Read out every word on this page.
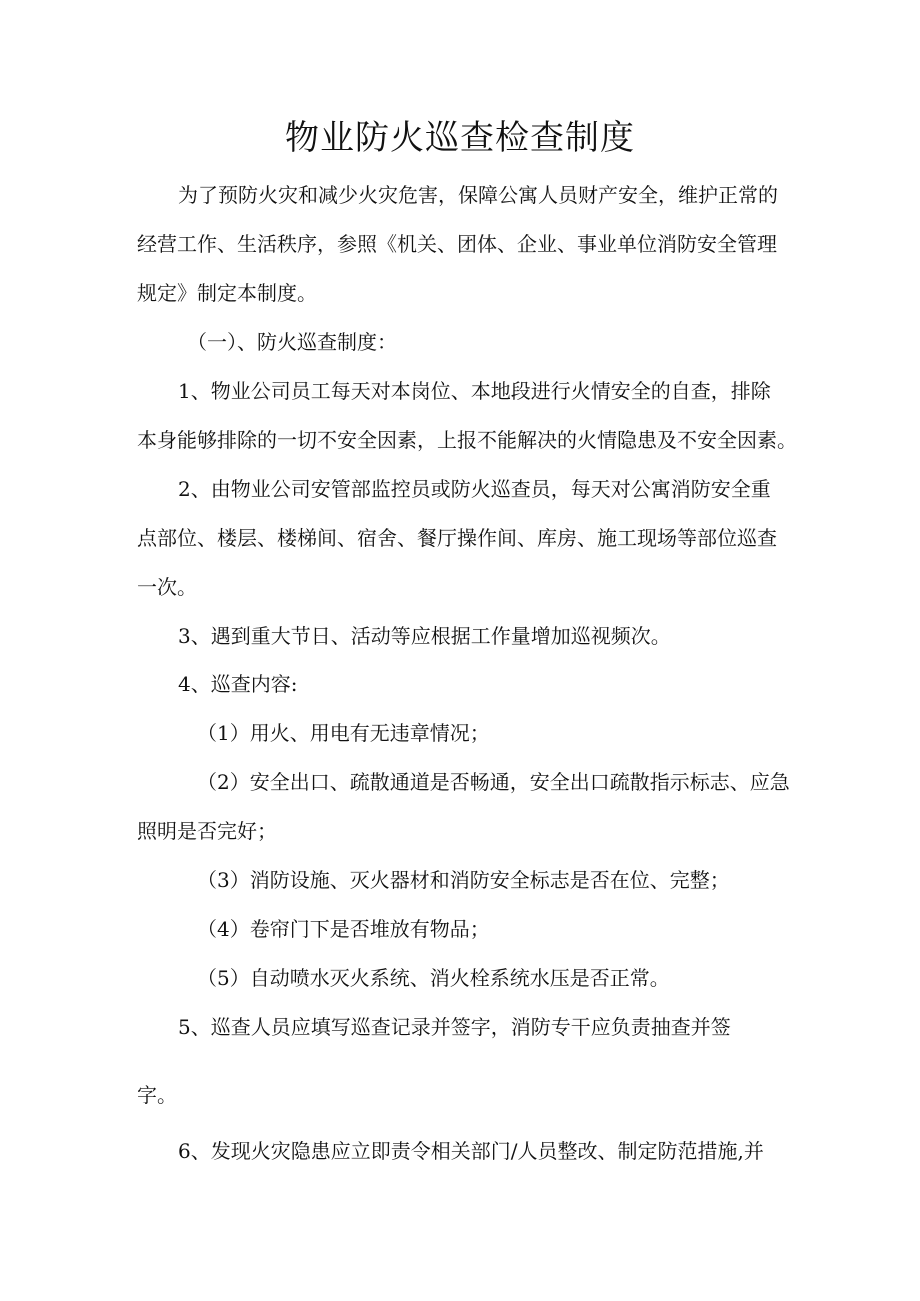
物业防火巡查检查制度
为了预防火灾和减少火灾危害，保障公寓人员财产安全，维护正常的
经营工作、生活秩序，参照《机关、团体、企业、事业单位消防安全管理
规定》制定本制度。
（一）、防火巡查制度：
1、物业公司员工每天对本岗位、本地段进行火情安全的自查，排除
本身能够排除的一切不安全因素，上报不能解决的火情隐患及不安全因素。
2、由物业公司安管部监控员或防火巡查员，每天对公寓消防安全重
点部位、楼层、楼梯间、宿舍、餐厅操作间、库房、施工现场等部位巡查
一次。
3、遇到重大节日、活动等应根据工作量增加巡视频次。
4、巡查内容:
（1）用火、用电有无违章情况；
（2）安全出口、疏散通道是否畅通，安全出口疏散指示标志、应急
照明是否完好；
（3）消防设施、灭火器材和消防安全标志是否在位、完整；
（4）卷帘门下是否堆放有物品；
（5）自动喷水灭火系统、消火栓系统水压是否正常。
5、巡查人员应填写巡查记录并签字，消防专干应负责抽查并签
字。
6、发现火灾隐患应立即责令相关部门/人员整改、制定防范措施,并
